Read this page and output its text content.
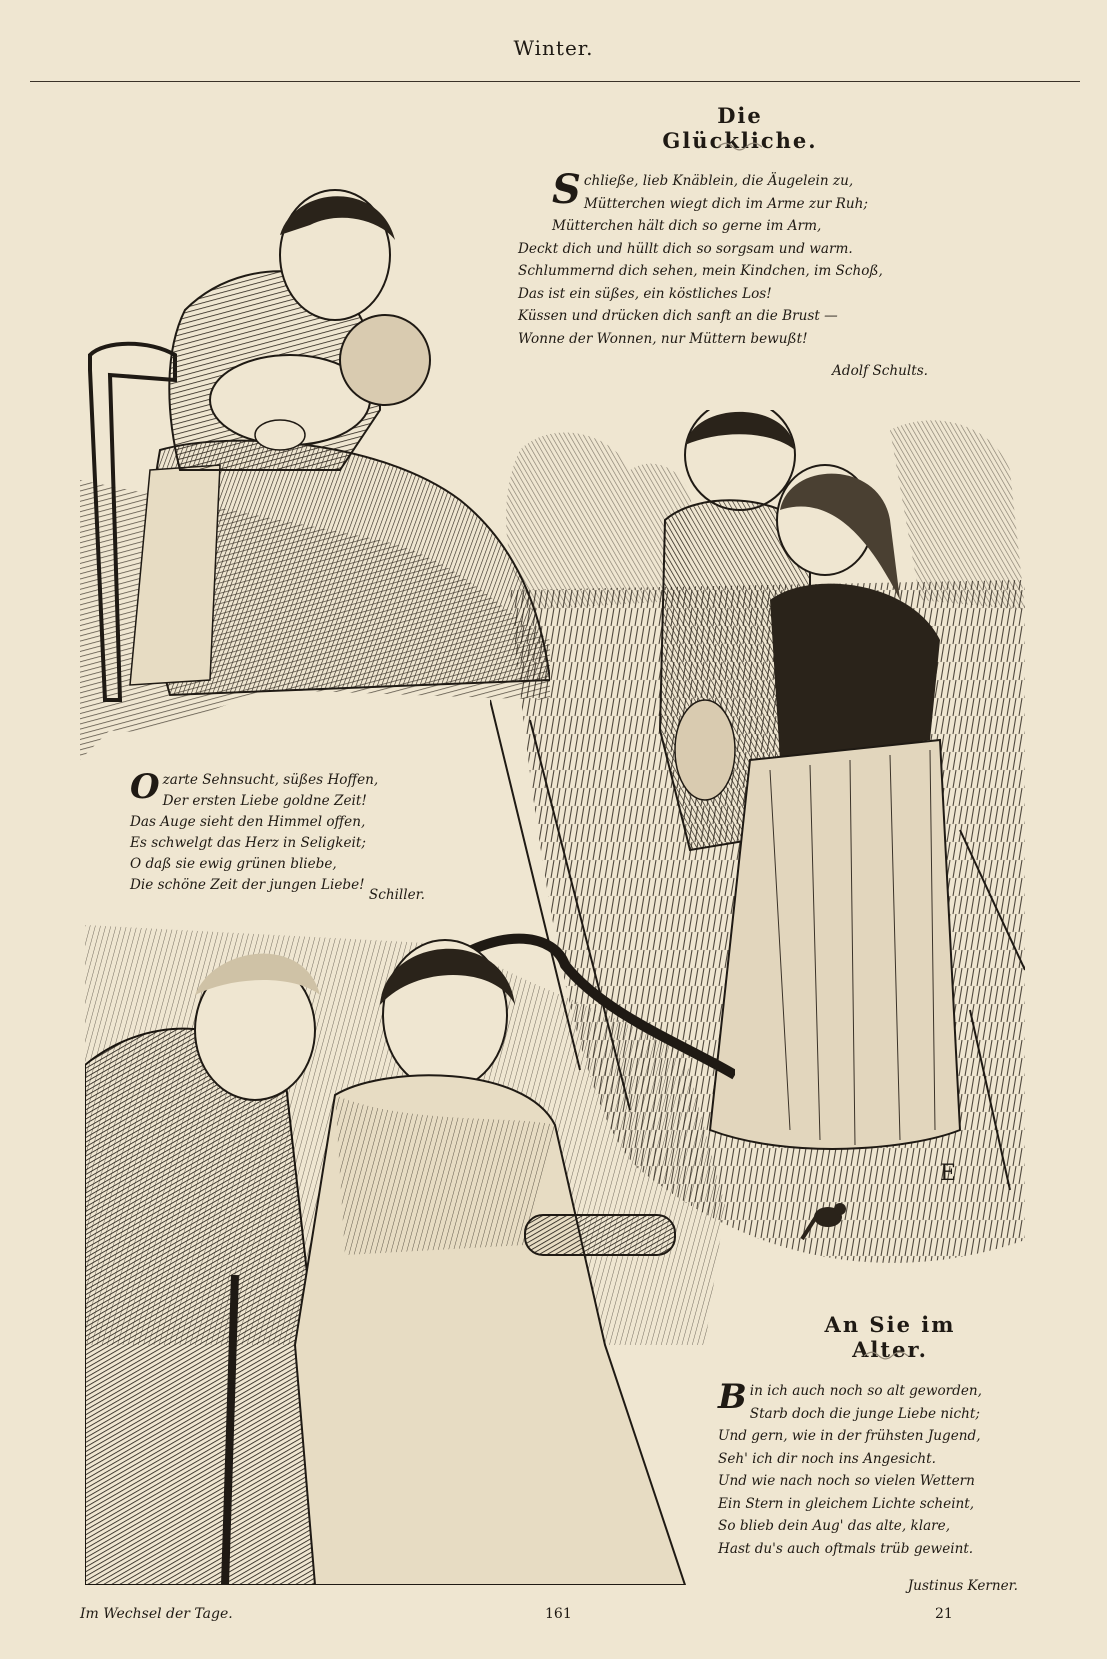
Winter.
E
Die Glückliche.
S chließe, lieb Knäblein, die Äugelein zu,

Mütterchen wiegt dich im Arme zur Ruh;

Mütterchen hält dich so gerne im Arm,

Deckt dich und hüllt dich so sorgsam und warm.

Schlummernd dich sehen, mein Kindchen, im Schoß,

Das ist ein süßes, ein köstliches Los!

Küssen und drücken dich sanft an die Brust —

Wonne der Wonnen, nur Müttern bewußt!

Adolf Schults.
O zarte Sehnsucht, süßes Hoffen,

Der ersten Liebe goldne Zeit!

Das Auge sieht den Himmel offen,

Es schwelgt das Herz in Seligkeit;

O daß sie ewig grünen bliebe,

Die schöne Zeit der jungen Liebe!

Schiller.
An Sie im Alter.
B in ich auch noch so alt geworden,

Starb doch die junge Liebe nicht;

Und gern, wie in der frühsten Jugend,

Seh' ich dir noch ins Angesicht.

Und wie nach noch so vielen Wettern

Ein Stern in gleichem Lichte scheint,

So blieb dein Aug' das alte, klare,

Hast du's auch oftmals trüb geweint.

Justinus Kerner.
Im Wechsel der Tage.	161	21
